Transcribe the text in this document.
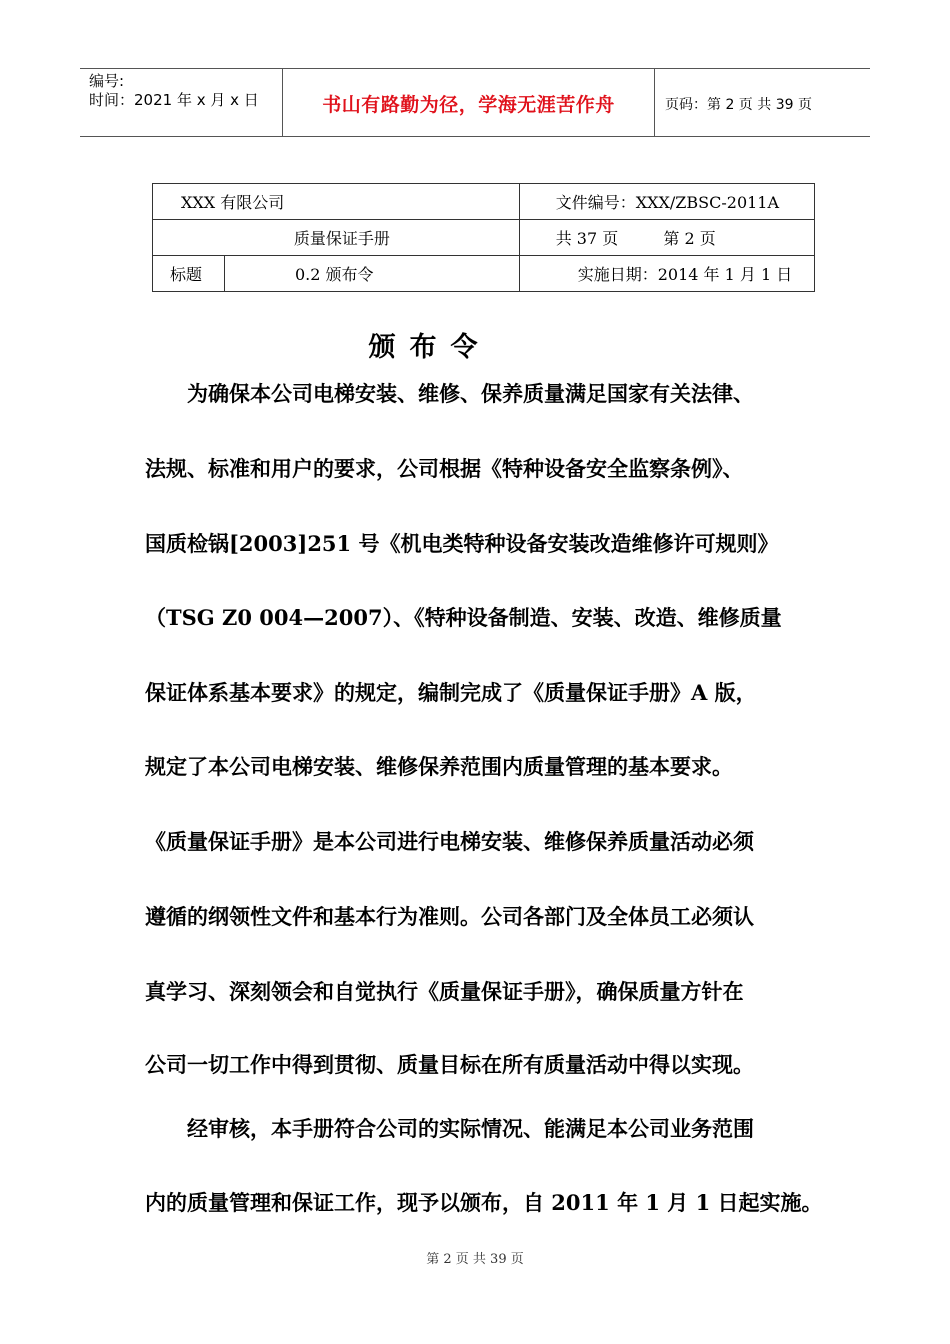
编号:
时间：2021 年 x 月 x 日	书山有路勤为径，学海无涯苦作舟	页码：第 2 页 共 39 页
XXX 有限公司		文件编号：XXX/ZBSC-2011A
质量保证手册		共 37 页 第 2 页
标题	0.2 颁布令	实施日期：2014 年 1 月 1 日
颁布令
　　为确保本公司电梯安装、维修、保养质量满足国家有关法律、
法规、标准和用户的要求，公司根据《特种设备安全监察条例》、
国质检锅[2003]251 号《机电类特种设备安装改造维修许可规则》
（TSG Z0 004—2007）、《特种设备制造、安装、改造、维修质量
保证体系基本要求》的规定，编制完成了《质量保证手册》A 版，
规定了本公司电梯安装、维修保养范围内质量管理的基本要求。
《质量保证手册》是本公司进行电梯安装、维修保养质量活动必须
遵循的纲领性文件和基本行为准则。公司各部门及全体员工必须认
真学习、深刻领会和自觉执行《质量保证手册》，确保质量方针在
公司一切工作中得到贯彻、质量目标在所有质量活动中得以实现。
　　经审核，本手册符合公司的实际情况、能满足本公司业务范围
内的质量管理和保证工作，现予以颁布，自 2011 年 1 月 1 日起实施。
第 2 页 共 39 页
